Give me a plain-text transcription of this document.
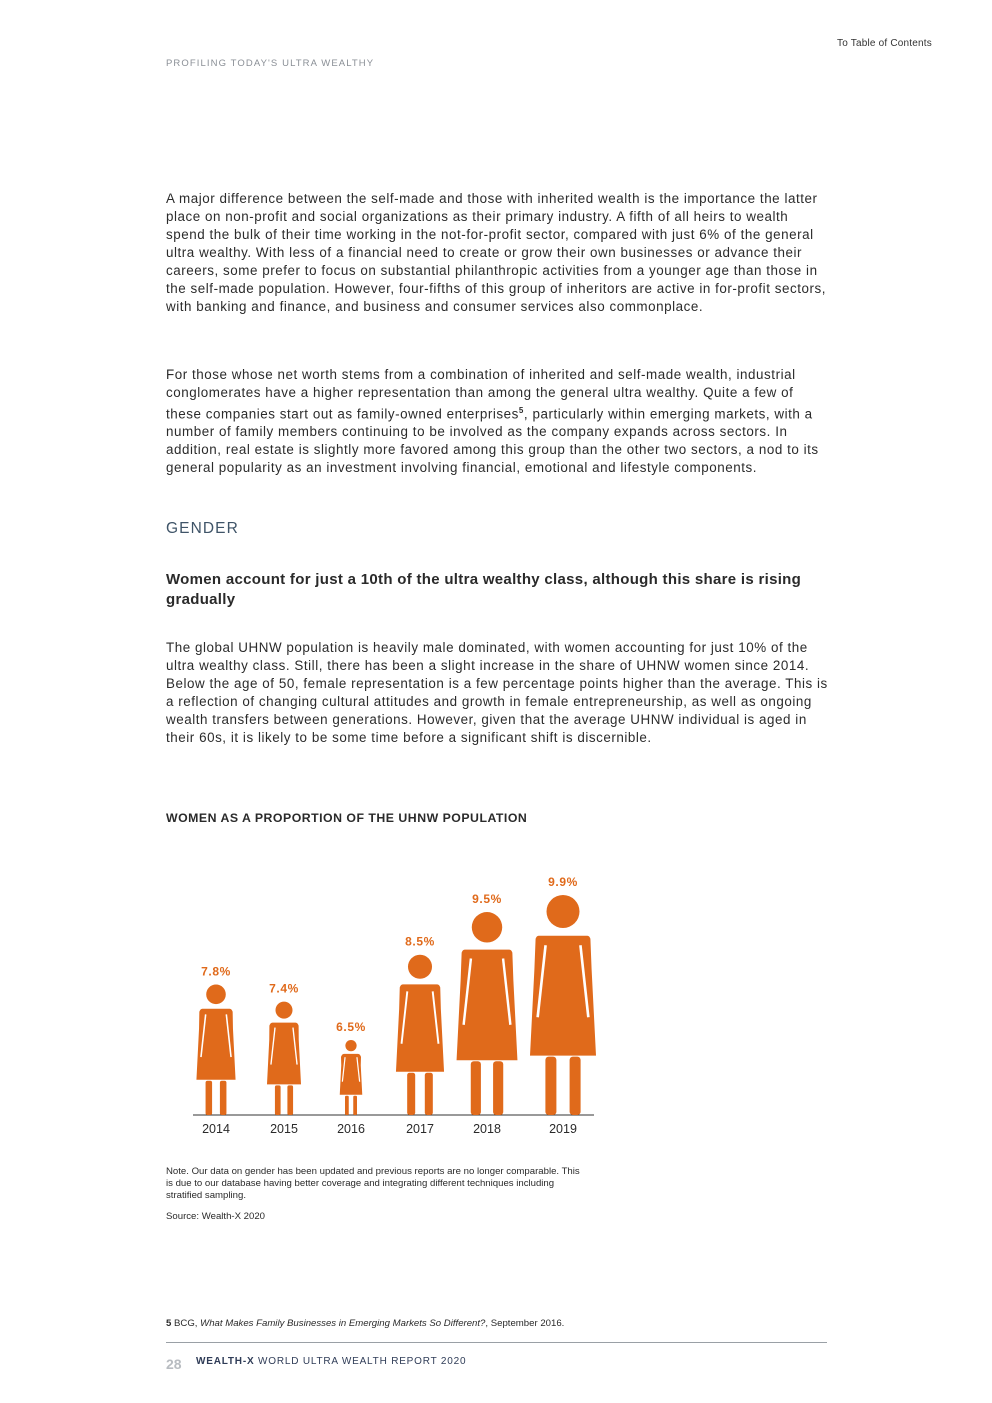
To Table of Contents
PROFILING TODAY'S ULTRA WEALTHY

A major difference between the self-made and those with inherited wealth is the importance the latter place on non-profit and social organizations as their primary industry. A fifth of all heirs to wealth spend the bulk of their time working in the not-for-profit sector, compared with just 6% of the general ultra wealthy. With less of a financial need to create or grow their own businesses or advance their careers, some prefer to focus on substantial philanthropic activities from a younger age than those in the self-made population. However, four-fifths of this group of inheritors are active in for-profit sectors, with banking and finance, and business and consumer services also commonplace.

For those whose net worth stems from a combination of inherited and self-made wealth, industrial conglomerates have a higher representation than among the general ultra wealthy. Quite a few of these companies start out as family-owned enterprises$^5$, particularly within emerging markets, with a number of family members continuing to be involved as the company expands across sectors. In addition, real estate is slightly more favored among this group than the other two sectors, a nod to its general popularity as an investment involving financial, emotional and lifestyle components.

GENDER
Women account for just a 10th of the ultra wealthy class, although this share is rising gradually

The global UHNW population is heavily male dominated, with women accounting for just 10% of the ultra wealthy class. Still, there has been a slight increase in the share of UHNW women since 2014. Below the age of 50, female representation is a few percentage points higher than the average. This is a reflection of changing cultural attitudes and growth in female entrepreneurship, as well as ongoing wealth transfers between generations. However, given that the average UHNW individual is aged in their 60s, it is likely to be some time before a significant shift is discernible.

WOMEN AS A PROPORTION OF THE UHNW POPULATION
7.8%
2014
7.4%
2015
6.5%
2016
8.5%
2017
9.5%
2018
9.9%
2019

Note. Our data on gender has been updated and previous reports are no longer comparable. This is due to our database having better coverage and integrating different techniques including stratified sampling.

Source: Wealth-X 2020

5 BCG, What Makes Family Businesses in Emerging Markets So Different?, September 2016.

28 WEALTH-X WORLD ULTRA WEALTH REPORT 2020
